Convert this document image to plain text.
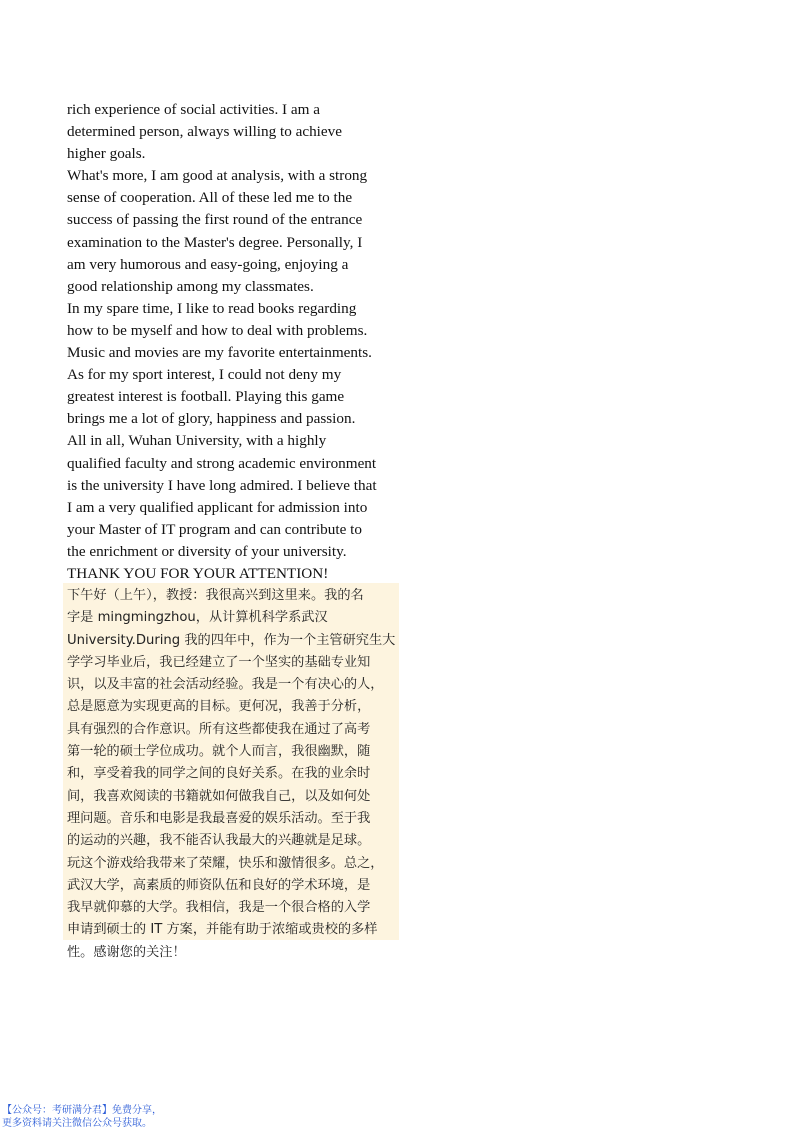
rich experience of social activities. I am a
determined person, always willing to achieve
higher goals.
What's more, I am good at analysis, with a strong
sense of cooperation. All of these led me to the
success of passing the first round of the entrance
examination to the Master's degree. Personally, I
am very humorous and easy-going, enjoying a
good relationship among my classmates.
In my spare time, I like to read books regarding
how to be myself and how to deal with problems.
Music and movies are my favorite entertainments.
As for my sport interest, I could not deny my
greatest interest is football. Playing this game
brings me a lot of glory, happiness and passion.
All in all, Wuhan University, with a highly
qualified faculty and strong academic environment
is the university I have long admired. I believe that
I am a very qualified applicant for admission into
your Master of IT program and can contribute to
the enrichment or diversity of your university.
THANK YOU FOR YOUR ATTENTION!
下午好（上午），教授：我很高兴到这里来。我的名
字是 mingmingzhou，从计算机科学系武汉
University.During 我的四年中，作为一个主管研究生大
学学习毕业后，我已经建立了一个坚实的基础专业知
识，以及丰富的社会活动经验。我是一个有决心的人，
总是愿意为实现更高的目标。更何况，我善于分析，
具有强烈的合作意识。所有这些都使我在通过了高考
第一轮的硕士学位成功。就个人而言，我很幽默，随
和，享受着我的同学之间的良好关系。在我的业余时
间，我喜欢阅读的书籍就如何做我自己，以及如何处
理问题。音乐和电影是我最喜爱的娱乐活动。至于我
的运动的兴趣，我不能否认我最大的兴趣就是足球。
玩这个游戏给我带来了荣耀，快乐和激情很多。总之，
武汉大学，高素质的师资队伍和良好的学术环境，是
我早就仰慕的大学。我相信，我是一个很合格的入学
申请到硕士的 IT 方案，并能有助于浓缩或贵校的多样
性。感谢您的关注！
【公众号：考研满分君】免费分享，
更多资料请关注微信公众号获取。
